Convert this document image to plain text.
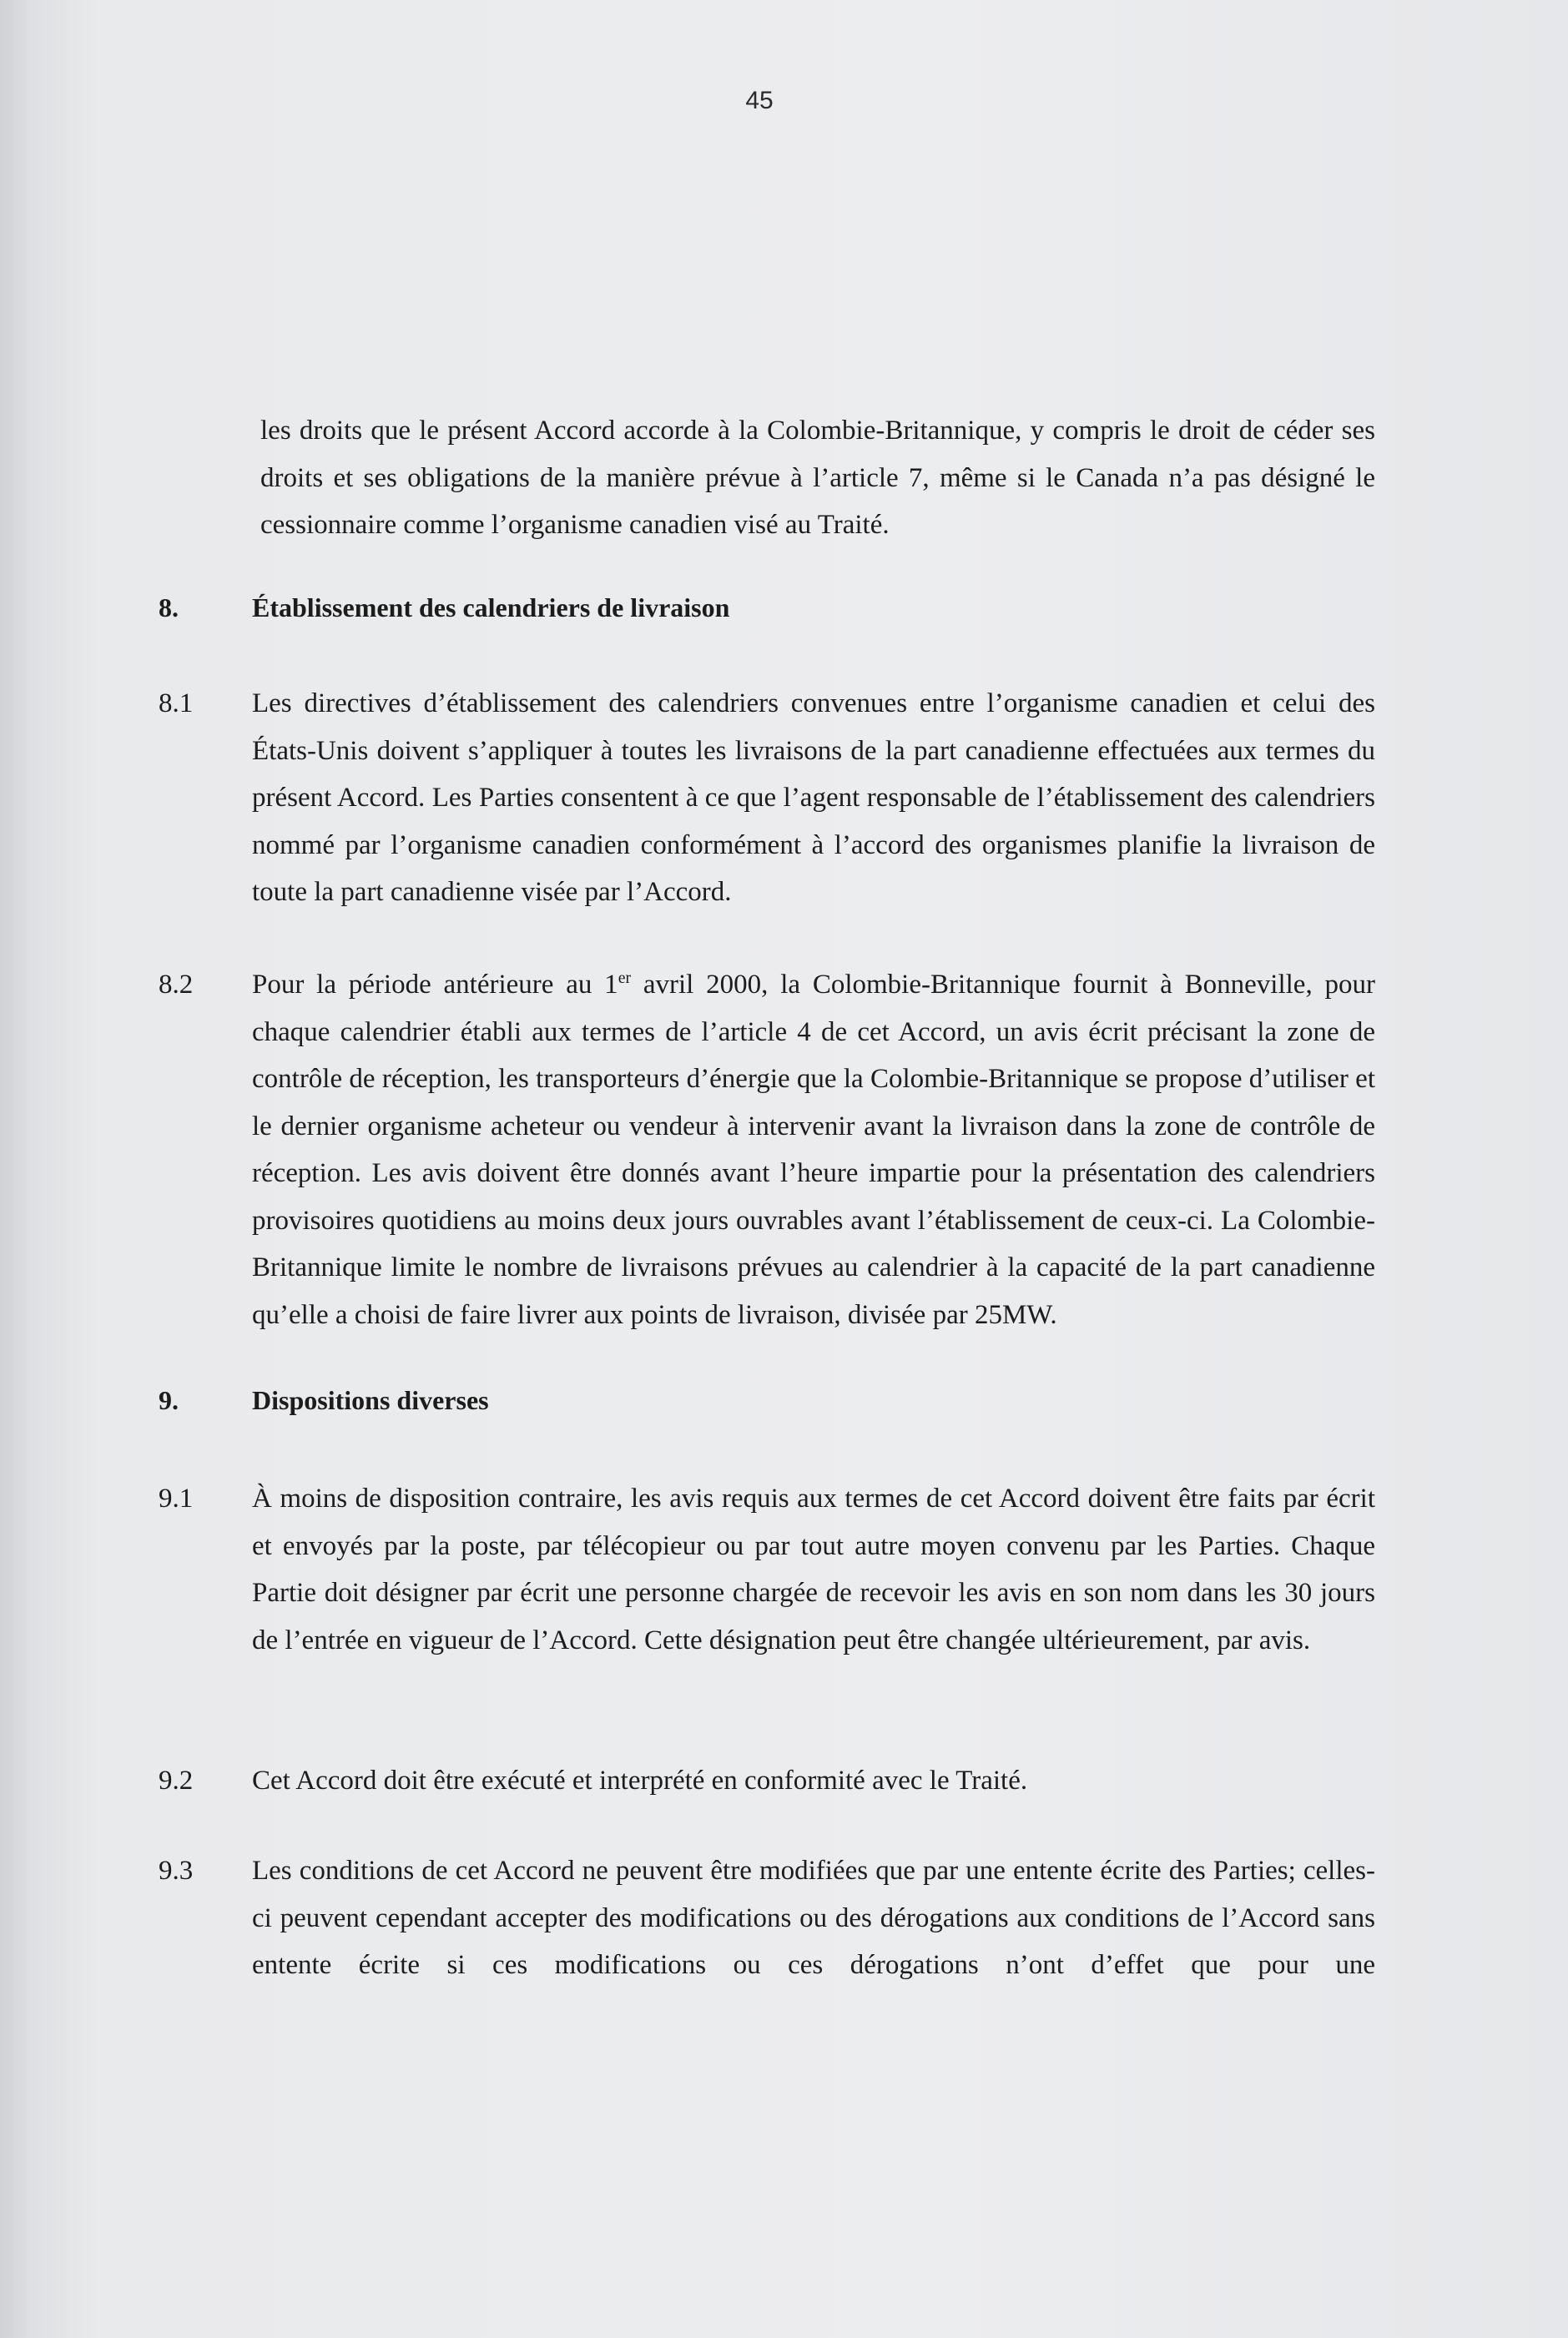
45

les droits que le présent Accord accorde à la Colombie-Britannique, y compris le droit de céder ses droits et ses obligations de la manière prévue à l’article 7, même si le Canada n’a pas désigné le cessionnaire comme l’organisme canadien visé au Traité.

8.	Établissement des calendriers de livraison
8.1 Les directives d’établissement des calendriers convenues entre l’organisme canadien et celui des États-Unis doivent s’appliquer à toutes les livraisons de la part canadienne effectuées aux termes du présent Accord. Les Parties consentent à ce que l’agent responsable de l’établissement des calendriers nommé par l’organisme canadien conformément à l’accord des organismes planifie la livraison de toute la part canadienne visée par l’Accord.

8.2 Pour la période antérieure au 1er avril 2000, la Colombie-Britannique fournit à Bonneville, pour chaque calendrier établi aux termes de l’article 4 de cet Accord, un avis écrit précisant la zone de contrôle de réception, les transporteurs d’énergie que la Colombie-Britannique se propose d’utiliser et le dernier organisme acheteur ou vendeur à intervenir avant la livraison dans la zone de contrôle de réception. Les avis doivent être donnés avant l’heure impartie pour la présentation des calendriers provisoires quotidiens au moins deux jours ouvrables avant l’établissement de ceux-ci. La Colombie-Britannique limite le nombre de livraisons prévues au calendrier à la capacité de la part canadienne qu’elle a choisi de faire livrer aux points de livraison, divisée par 25MW.

9.	Dispositions diverses
9.1 À moins de disposition contraire, les avis requis aux termes de cet Accord doivent être faits par écrit et envoyés par la poste, par télécopieur ou par tout autre moyen convenu par les Parties. Chaque Partie doit désigner par écrit une personne chargée de recevoir les avis en son nom dans les 30 jours de l’entrée en vigueur de l’Accord. Cette désignation peut être changée ultérieurement, par avis.

9.2 Cet Accord doit être exécuté et interprété en conformité avec le Traité.

9.3 Les conditions de cet Accord ne peuvent être modifiées que par une entente écrite des Parties; celles-ci peuvent cependant accepter des modifications ou des dérogations aux conditions de l’Accord sans entente écrite si ces modifications ou ces dérogations n’ont d’effet que pour une
